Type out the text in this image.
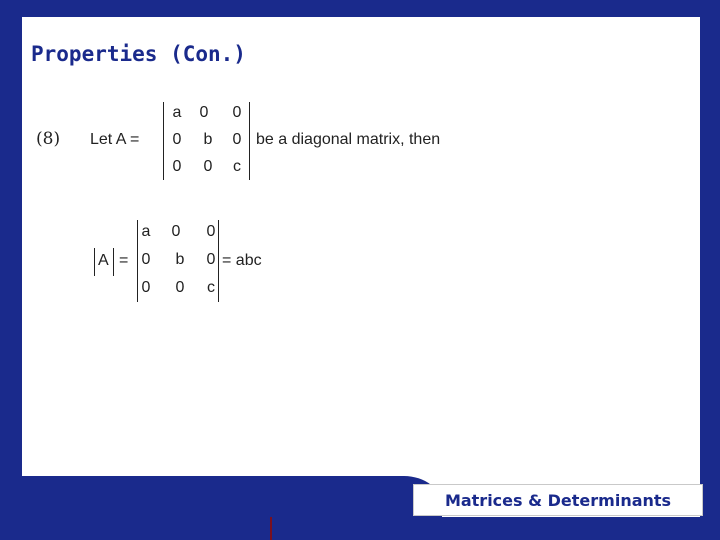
Properties (Con.)
(8) Let A =
a	0	0
0	b	0
0	0	c
be a diagonal matrix, then
A =
a	0	0
0	b	0
0	0	c
= abc
Matrices & Determinants
